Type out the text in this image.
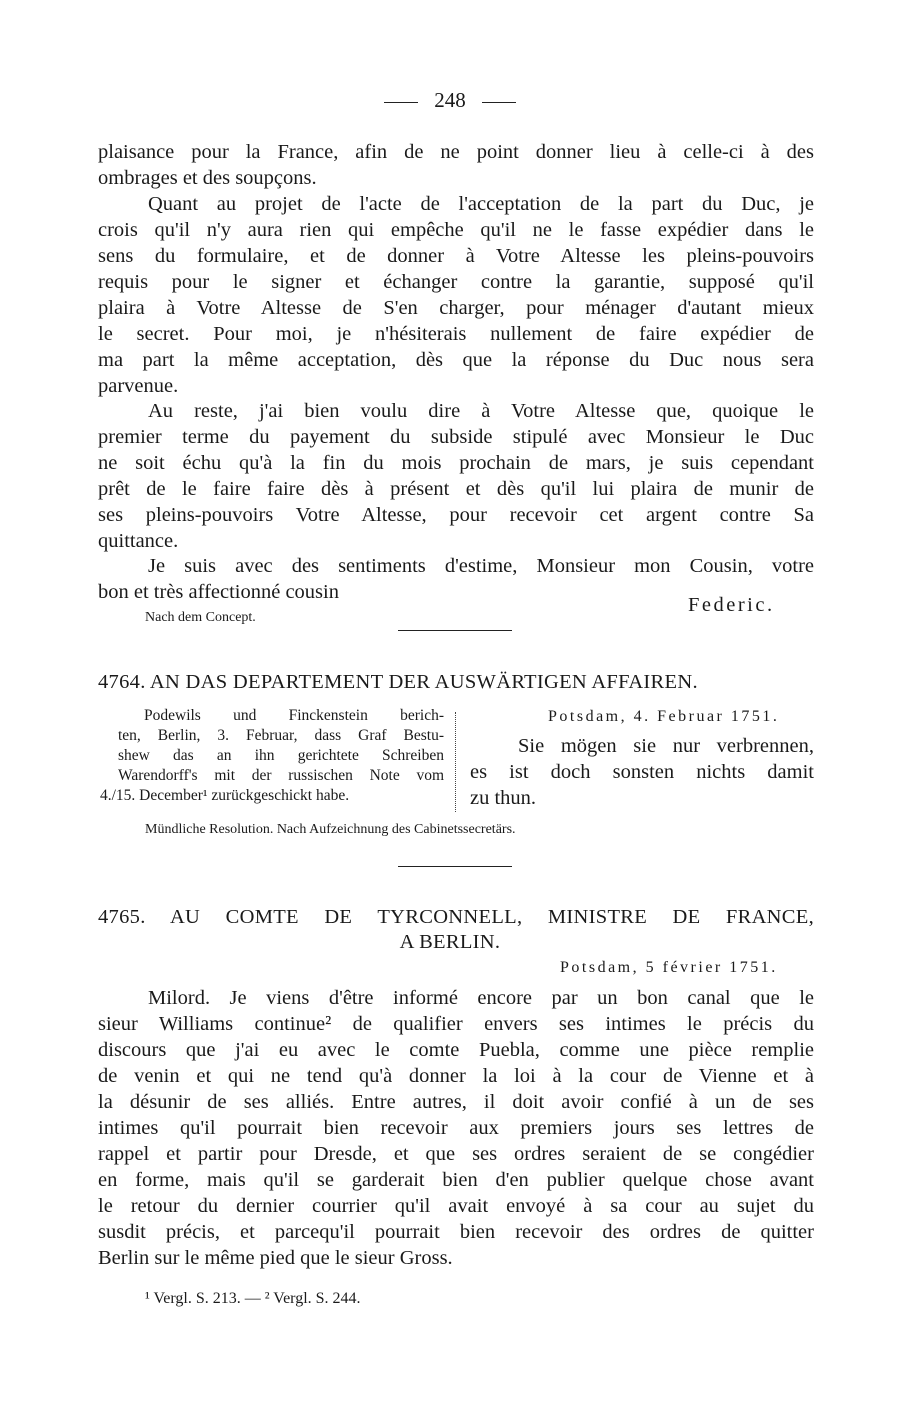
248
plaisance pour la France, afin de ne point donner lieu à celle-ci à des
ombrages et des soupçons.
Quant au projet de l'acte de l'acceptation de la part du Duc, je
crois qu'il n'y aura rien qui empêche qu'il ne le fasse expédier dans le
sens du formulaire, et de donner à Votre Altesse les pleins-pouvoirs
requis pour le signer et échanger contre la garantie, supposé qu'il
plaira à Votre Altesse de S'en charger, pour ménager d'autant mieux
le secret. Pour moi, je n'hésiterais nullement de faire expédier de
ma part la même acceptation, dès que la réponse du Duc nous sera
parvenue.
Au reste, j'ai bien voulu dire à Votre Altesse que, quoique le
premier terme du payement du subside stipulé avec Monsieur le Duc
ne soit échu qu'à la fin du mois prochain de mars, je suis cependant
prêt de le faire faire dès à présent et dès qu'il lui plaira de munir de
ses pleins-pouvoirs Votre Altesse, pour recevoir cet argent contre Sa
quittance.
Je suis avec des sentiments d'estime, Monsieur mon Cousin, votre
bon et très affectionné cousin
Federic.
Nach dem Concept.
4764. AN DAS DEPARTEMENT DER AUSWÄRTIGEN AFFAIREN.
Podewils und Finckenstein berich-
ten, Berlin, 3. Februar, dass Graf Bestu-
shew das an ihn gerichtete Schreiben
Warendorff's mit der russischen Note vom
4./15. December¹ zurückgeschickt habe.
Potsdam, 4. Februar 1751.
Sie mögen sie nur verbrennen,
es ist doch sonsten nichts damit
zu thun.
Mündliche Resolution. Nach Aufzeichnung des Cabinetssecretärs.
4765. AU COMTE DE TYRCONNELL, MINISTRE DE FRANCE,
A BERLIN.
Potsdam, 5 février 1751.
Milord. Je viens d'être informé encore par un bon canal que le
sieur Williams continue² de qualifier envers ses intimes le précis du
discours que j'ai eu avec le comte Puebla, comme une pièce remplie
de venin et qui ne tend qu'à donner la loi à la cour de Vienne et à
la désunir de ses alliés. Entre autres, il doit avoir confié à un de ses
intimes qu'il pourrait bien recevoir aux premiers jours ses lettres de
rappel et partir pour Dresde, et que ses ordres seraient de se congédier
en forme, mais qu'il se garderait bien d'en publier quelque chose avant
le retour du dernier courrier qu'il avait envoyé à sa cour au sujet du
susdit précis, et parcequ'il pourrait bien recevoir des ordres de quitter
Berlin sur le même pied que le sieur Gross.
¹ Vergl. S. 213. — ² Vergl. S. 244.
